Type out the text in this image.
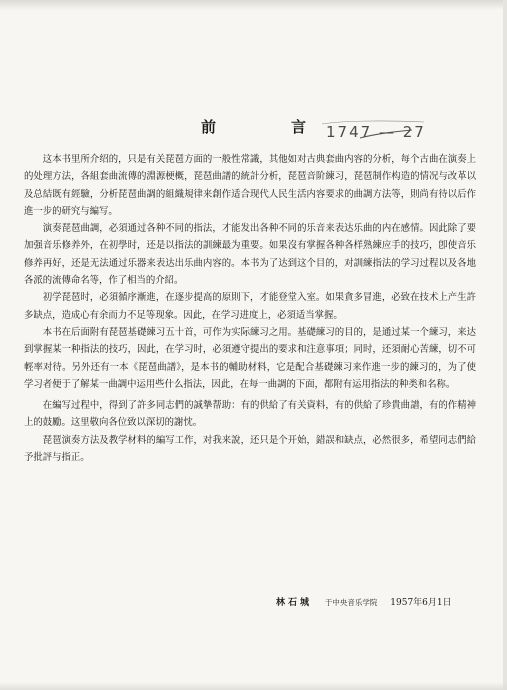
前　言
1747 — 27

这本书里所介绍的，只是有关琵琶方面的一般性常識，其他如对古典套曲内容的分析，每个古曲在演奏上的处理方法，各組套曲流傳的淵源梗概，琵琶曲譜的統計分析，琵琶音阶練习，琵琶制作构造的情况与改革以及总結既有經驗，分析琵琶曲調的組織規律来創作适合现代人民生活内容要求的曲調方法等，則尚有待以后作進一步的研究与編写。

演奏琵琶曲調，必須通过各种不同的指法，才能发出各种不同的乐音来表达乐曲的内在感情。因此除了要加强音乐修养外，在初學时，还是以指法的訓練最为重要。如果沒有掌握各种各样熟練应手的技巧，卽使音乐修养再好，还是无法通过乐器来表达出乐曲内容的。本书为了达到这个目的，对訓練指法的学习过程以及各地各派的流傳命名等，作了相当的介紹。

初学琵琶时，必須循序漸進，在逐步提高的原則下，才能登堂入室。如果貪多冒進，必致在技术上产生許多缺点，造成心有余而力不足等现象。因此，在学习进度上，必須适当掌握。

本书在后面附有琵琶基礎練习五十首，可作为实际練习之用。基礎練习的目的，是通过某一个練习，来达到掌握某一种指法的技巧，因此，在学习时，必須遵守提出的要求和注意事項；同时，还須耐心苦練，切不可輕率对待。另外还有一本《琵琶曲譜》，是本书的輔助材料，它是配合基礎練习来作進一步的練习的，为了使学习者便于了解某一曲調中运用些什么指法，因此，在每一曲調的下面，都附有运用指法的种类和名称。

在編写过程中，得到了許多同志們的誠摯帮助：有的供給了有关資料，有的供給了珍貴曲譜，有的作精神上的鼓勵。这里敬向各位致以深切的謝忱。

琵琶演奏方法及教学材料的編写工作，对我来說，还只是个开始，錯誤和缺点，必然很多，希望同志們給予批評与指正。

林石城 于中央音乐学院 1957年6月1日
